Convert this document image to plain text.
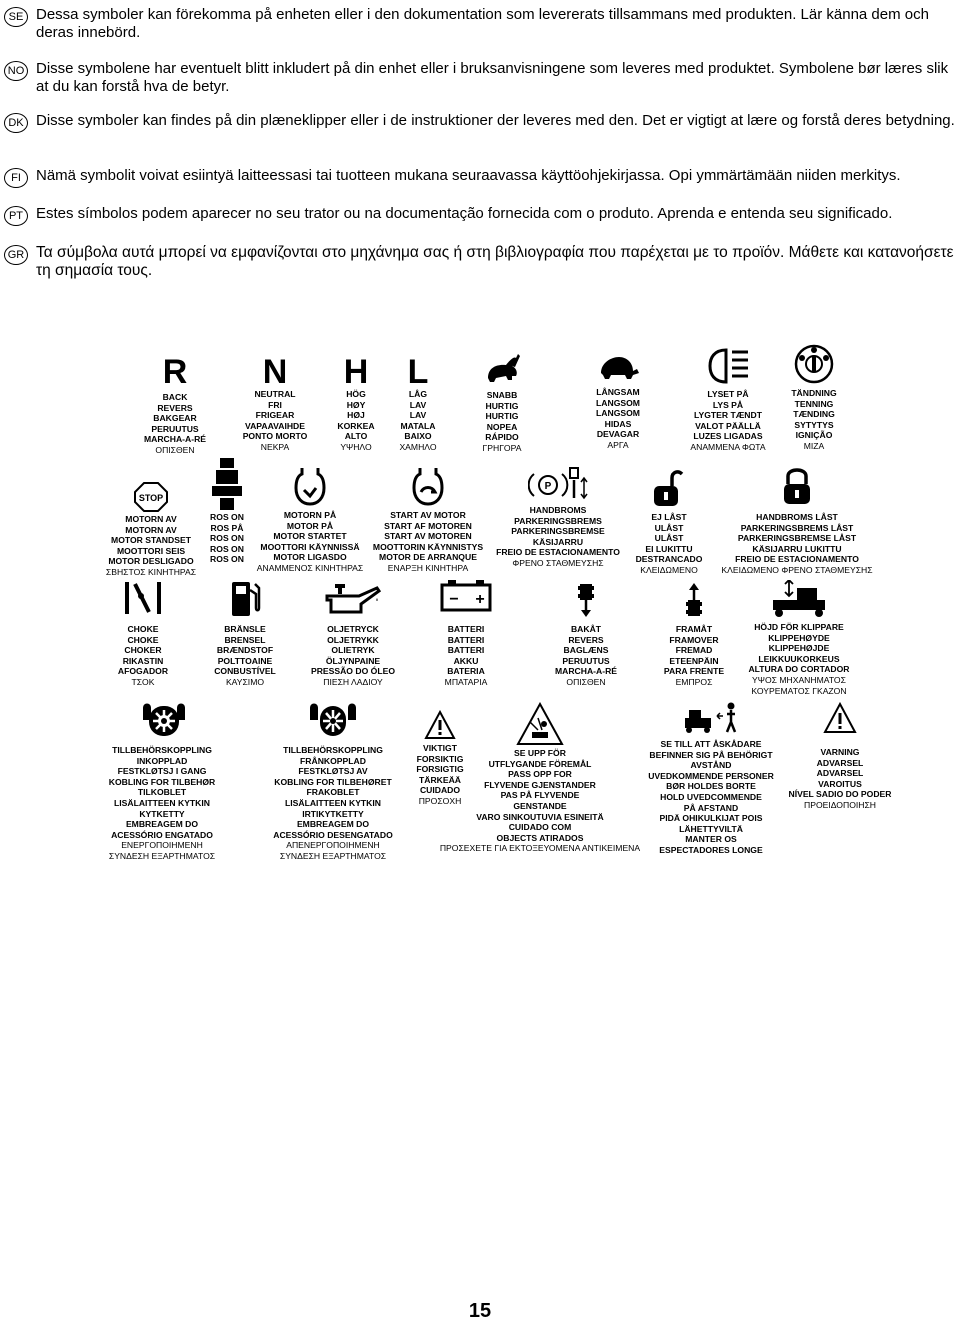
SE Dessa symboler kan förekomma på enheten eller i den dokumentation som levererats tillsammans med produkten. Lär känna dem och deras innebörd.
NO Disse symbolene har eventuelt blitt inkludert på din enhet eller i bruksanvisningene som leveres med produktet. Symbolene bør læres slik at du kan forstå hva de betyr.
DK Disse symboler kan findes på din plæneklipper eller i de instruktioner der leveres med den. Det er vigtigt at lære og forstå deres betydning.
FI	Nämä symbolit voivat esiintyä laitteessasi tai tuotteen mukana seuraavassa käyttöohjekirjassa. Opi ymmärtämään niiden merkitys.
PT Estes símbolos podem aparecer no seu trator ou na documentação fornecida com o produto. Aprenda e entenda seu significado.
GR Τα σύμβολα αυτά μπορεί να εμφανίζονται στο μηχάνημα σας ή στη βιβλιογραφία που παρέχεται με το προϊόν. Μάθετε και κατανοήσετε τη σημασία τους.
R
BACK
REVERS
BAKGEAR
PERUUTUS
MARCHA-A-RÉ
ΟΠΙΣΘΕΝ
N
NEUTRAL
FRI
FRIGEAR
VAPAAVAIHDE
PONTO MORTO
ΝΕΚΡΑ
H
HÖG
HØY
HØJ
KORKEA
ALTO
ΥΨΗΛΟ
L
LÅG
LAV
LAV
MATALA
BAIXO
ΧΑΜΗΛΟ
SNABB
HURTIG
HURTIG
NOPEA
RÁPIDO
ΓΡΗΓΟΡΑ
LÅNGSAM
LANGSOM
LANGSOM
HIDAS
DEVAGAR
ΑΡΓΑ
LYSET PÅ
LYS PÅ
LYGTER TÆNDT
VALOT PÄÄLLÄ
LUZES LIGADAS
ΑΝΑΜΜΕΝΑ ΦΩΤΑ
TÄNDNING
TENNING
TÆNDING
SYTYTYS
IGNIÇÃO
ΜΙΖΑ
STOP
MOTORN AV
MOTORN AV
MOTOR STANDSET
MOOTTORI SEIS
MOTOR DESLIGADO
ΣΒΗΣΤΟΣ ΚΙΝΗΤΗΡΑΣ
ROS ON
ROS PÅ
ROS ON
ROS ON
ROS ON
MOTORN PÅ
MOTOR PÅ
MOTOR STARTET
MOOTTORI KÄYNNISSÄ
MOTOR LIGASDO
ΑΝΑΜΜΕΝΟΣ ΚΙΝΗΤΗΡΑΣ
START AV MOTOR
START AF MOTOREN
START AV MOTOREN
MOOTTORIN KÄYNNISTYS
MOTOR DE ARRANQUE
ΕΝΑΡΞΗ ΚΙΝΗΤΗΡΑ
P
HANDBROMS
PARKERINGSBREMS
PARKERINGSBREMSE
KÄSIJARRU
FREIO DE ESTACIONAMENTO
ΦΡΕΝΟ ΣΤΑΘΜΕΥΣΗΣ
EJ LÅST
ULÅST
ULÅST
EI LUKITTU
DESTRANCADO
ΚΛΕΙΔΩΜΕΝΟ
HANDBROMS LÅST
PARKERINGSBREMS LÅST
PARKERINGSBREMSE LÅST
KÄSIJARRU LUKITTU
FREIO DE ESTACIONAMENTO
ΚΛΕΙΔΩΜΕΝΟ ΦΡΕΝΟ ΣΤΑΘΜΕΥΣΗΣ
CHOKE
CHOKE
CHOKER
RIKASTIN
AFOGADOR
ΤΣΟΚ
BRÄNSLE
BRENSEL
BRÆNDSTOF
POLTTOAINE
CONBUSTÍVEL
ΚΑΥΣΙΜΟ
OLJETRYCK
OLJETRYKK
OLIETRYK
ÖLJYNPAINE
PRESSÃO DO ÓLEO
ΠΙΕΣΗ ΛΑΔΙΟΥ
− +
BATTERI
BATTERI
BATTERI
AKKU
BATERIA
ΜΠΑΤΑΡΙΑ
BAKÅT
REVERS
BAGLÆNS
PERUUTUS
MARCHA-A-RÉ
ΟΠΙΣΘΕΝ
FRAMÅT
FRAMOVER
FREMAD
ETEENPÄIN
PARA FRENTE
ΕΜΠΡΟΣ
HÖJD FÖR KLIPPARE
KLIPPEHØYDE
KLIPPEHØJDE
LEIKKUUKORKEUS
ALTURA DO CORTADOR
ΥΨΟΣ ΜΗΧΑΝΗΜΑΤΟΣ
ΚΟΥΡΕΜΑΤΟΣ ΓΚΑΖΟΝ
TILLBEHÖRSKOPPLING
INKOPPLAD
FESTKLØTSJ I GANG
KOBLING FOR TILBEHØR
TILKOBLET
LISÄLAITTEEN KYTKIN
KYTKETTY
EMBREAGEM DO
ACESSÓRIO ENGATADO
ΕΝΕΡΓΟΠΟΙΗΜΕΝΗ
ΣΥΝΔΕΣΗ ΕΞΑΡΤΗΜΑΤΟΣ
TILLBEHÖRSKOPPLING
FRÅNKOPPLAD
FESTKLØTSJ AV
KOBLING FOR TILBEHØRET
FRAKOBLET
LISÄLAITTEEN KYTKIN
IRTIKYTKETTY
EMBREAGEM DO
ACESSÓRIO DESENGATADO
ΑΠΕΝΕΡΓΟΠΟΙΗΜΕΝΗ
ΣΥΝΔΕΣΗ ΕΞΑΡΤΗΜΑΤΟΣ
VIKTIGT
FORSIKTIG
FORSIGTIG
TÄRKEÄÄ
CUIDADO
ΠΡΟΣΟΧΗ
SE UPP FÖR
UTFLYGANDE FÖREMÅL
PASS OPP FOR
FLYVENDE GJENSTANDER
PAS PÅ FLYVENDE
GENSTANDE
VARO SINKOUTUVIA ESINEITÄ
CUIDADO COM
OBJECTS ATIRADOS
ΠΡΟΣΕΧΕΤΕ ΓΙΑ ΕΚΤΟΞΕΥΟΜΕΝΑ ΑΝΤΙΚΕΙΜΕΝΑ
SE TILL ATT ÅSKÅDARE
BEFINNER SIG PÅ BEHÖRIGT
AVSTÅND
UVEDKOMMENDE PERSONER
BØR HOLDES BORTE
HOLD UVEDCOMMENDE
PÅ AFSTAND
PIDÄ OHIKULKIJAT POIS
LÄHETTYVILTÄ
MANTER OS
ESPECTADORES LONGE
VARNING
ADVARSEL
ADVARSEL
VAROITUS
NÍVEL SADIO DO PODER
ΠΡΟΕΙΔΟΠΟΙΗΣΗ
15
